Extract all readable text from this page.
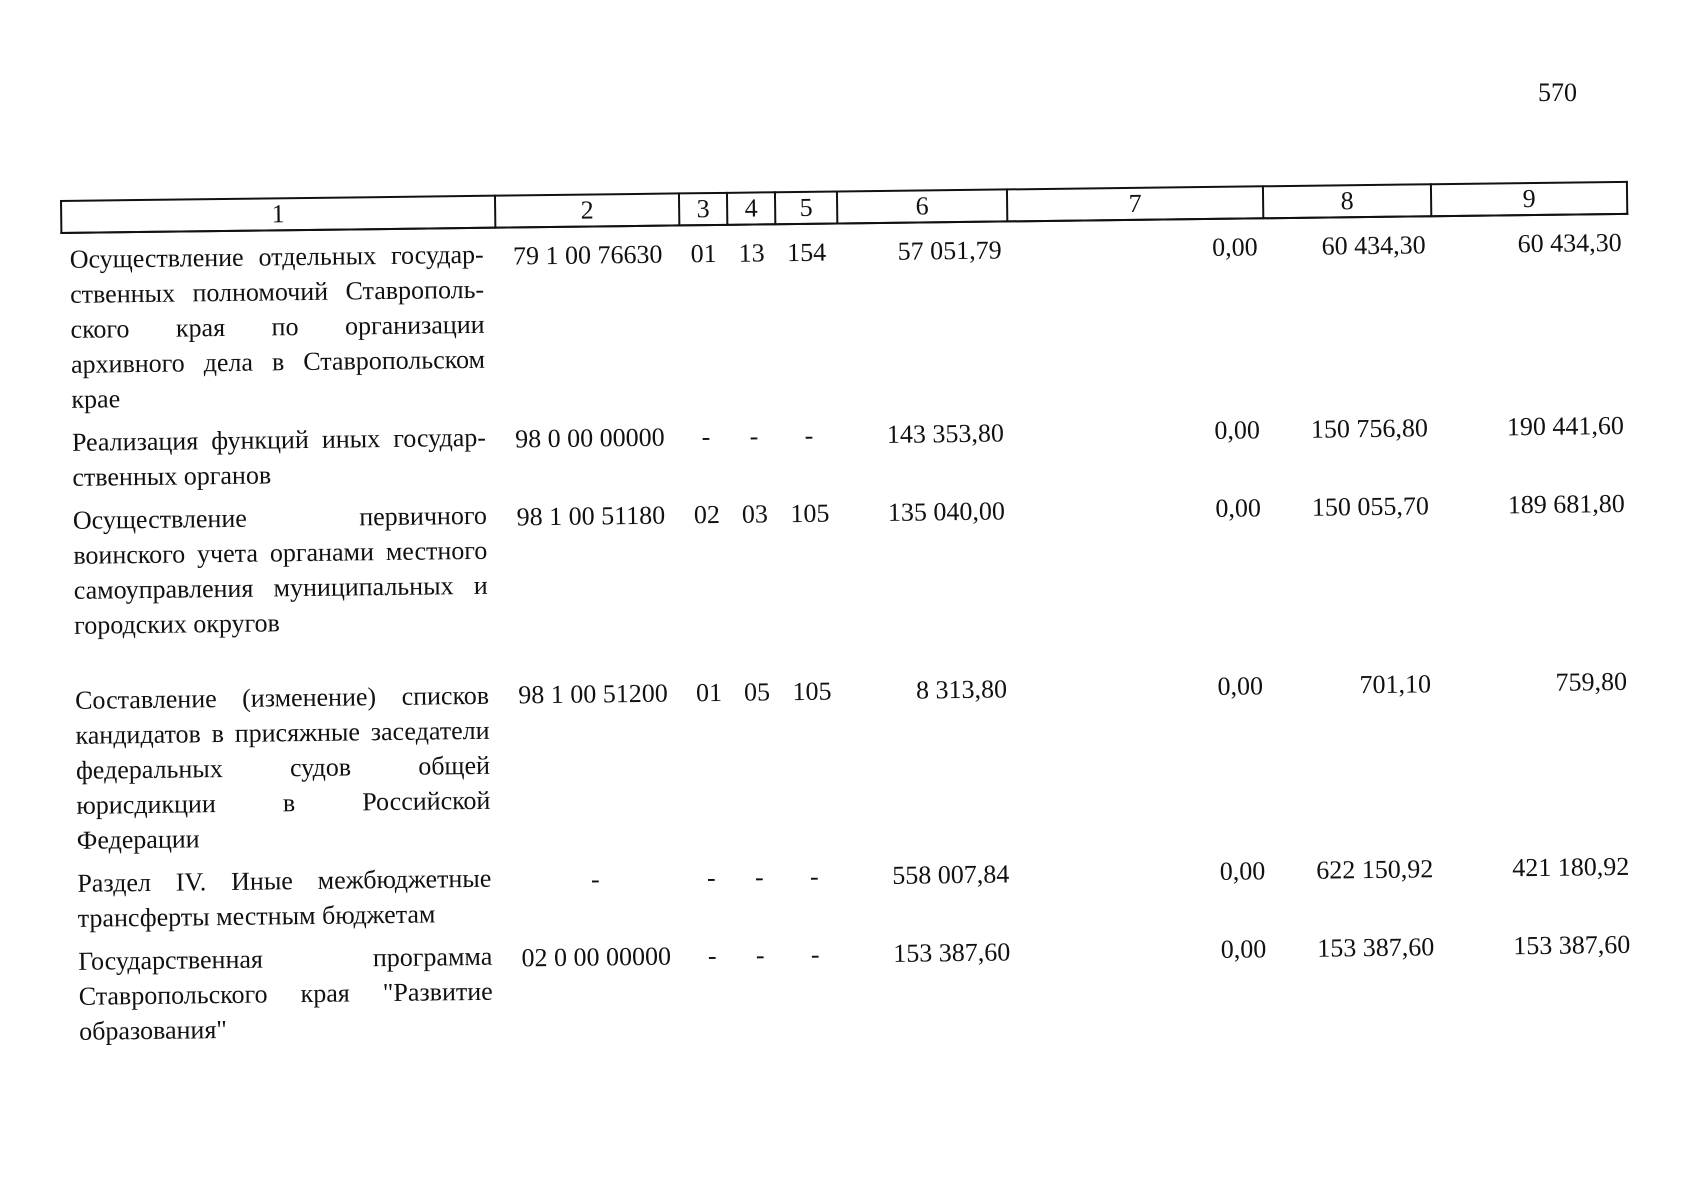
570
1	2	3	4	5	6	7	8	9
Осуществление отдельных государ-ственных полномочий Ставрополь-ского края по организации архивного дела в Ставропольском крае	79 1 00 76630	01	13	154	57 051,79	0,00	60 434,30	60 434,30
Реализация функций иных государ-ственных органов	98 0 00 00000	-	-	-	143 353,80	0,00	150 756,80	190 441,60
Осуществление первичного воинского учета органами местного самоуправления муниципальных и городских округов	98 1 00 51180	02	03	105	135 040,00	0,00	150 055,70	189 681,80
Составление (изменение) списков кандидатов в присяжные заседатели федеральных судов общей юрисдикции в Российской Федерации	98 1 00 51200	01	05	105	8 313,80	0,00	701,10	759,80
Раздел IV. Иные межбюджетные трансферты местным бюджетам	-	-	-	-	558 007,84	0,00	622 150,92	421 180,92
Государственная программа Ставропольского края "Развитие образования"	02 0 00 00000	-	-	-	153 387,60	0,00	153 387,60	153 387,60
